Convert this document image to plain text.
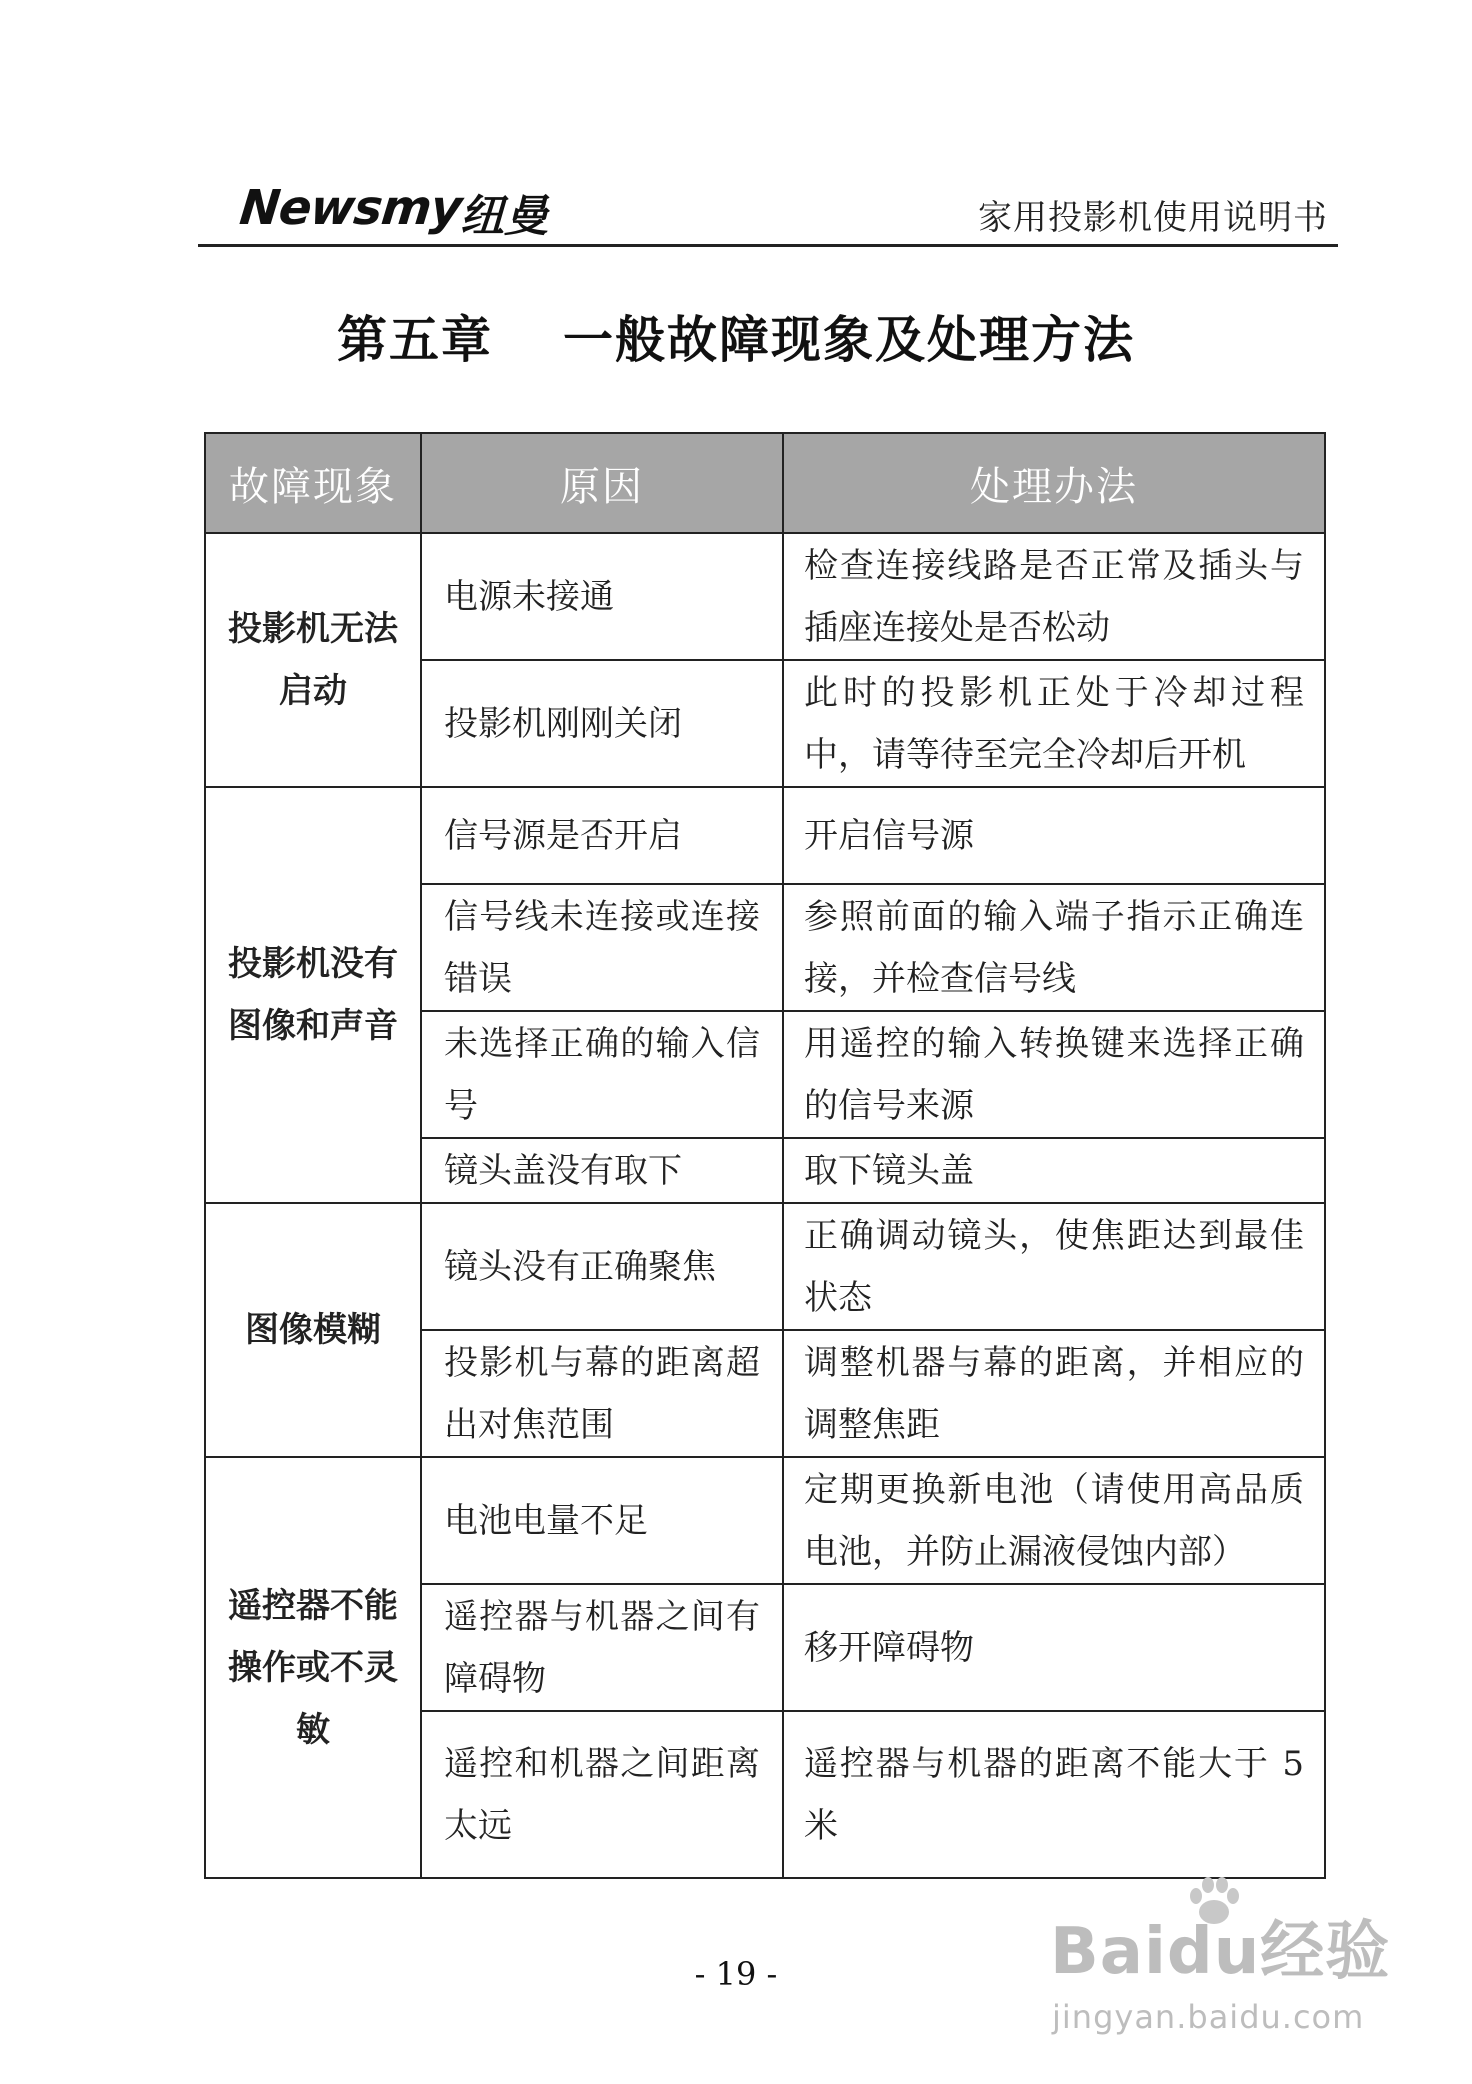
Newsmy
纽曼	家用投影机使用说明书
第五章 一般故障现象及处理方法
故障现象	原因	处理办法
投影机无法启动	电源未接通	检查连接线路是否正常及插头与插座连接处是否松动
	投影机刚刚关闭	此时的投影机正处于冷却过程中，请等待至完全冷却后开机
投影机没有图像和声音	信号源是否开启	开启信号源
	信号线未连接或连接错误	参照前面的输入端子指示正确连接，并检查信号线
	未选择正确的输入信号	用遥控的输入转换键来选择正确的信号来源
	镜头盖没有取下	取下镜头盖
图像模糊	镜头没有正确聚焦	正确调动镜头，使焦距达到最佳状态
	投影机与幕的距离超出对焦范围	调整机器与幕的距离，并相应的调整焦距
遥控器不能操作或不灵敏	电池电量不足	定期更换新电池（请使用高品质电池，并防止漏液侵蚀内部）
	遥控器与机器之间有障碍物	移开障碍物
	遥控和机器之间距离太远	遥控器与机器的距离不能大于 5 米
- 19 -	Baidu经验
jingyan.baidu.com
